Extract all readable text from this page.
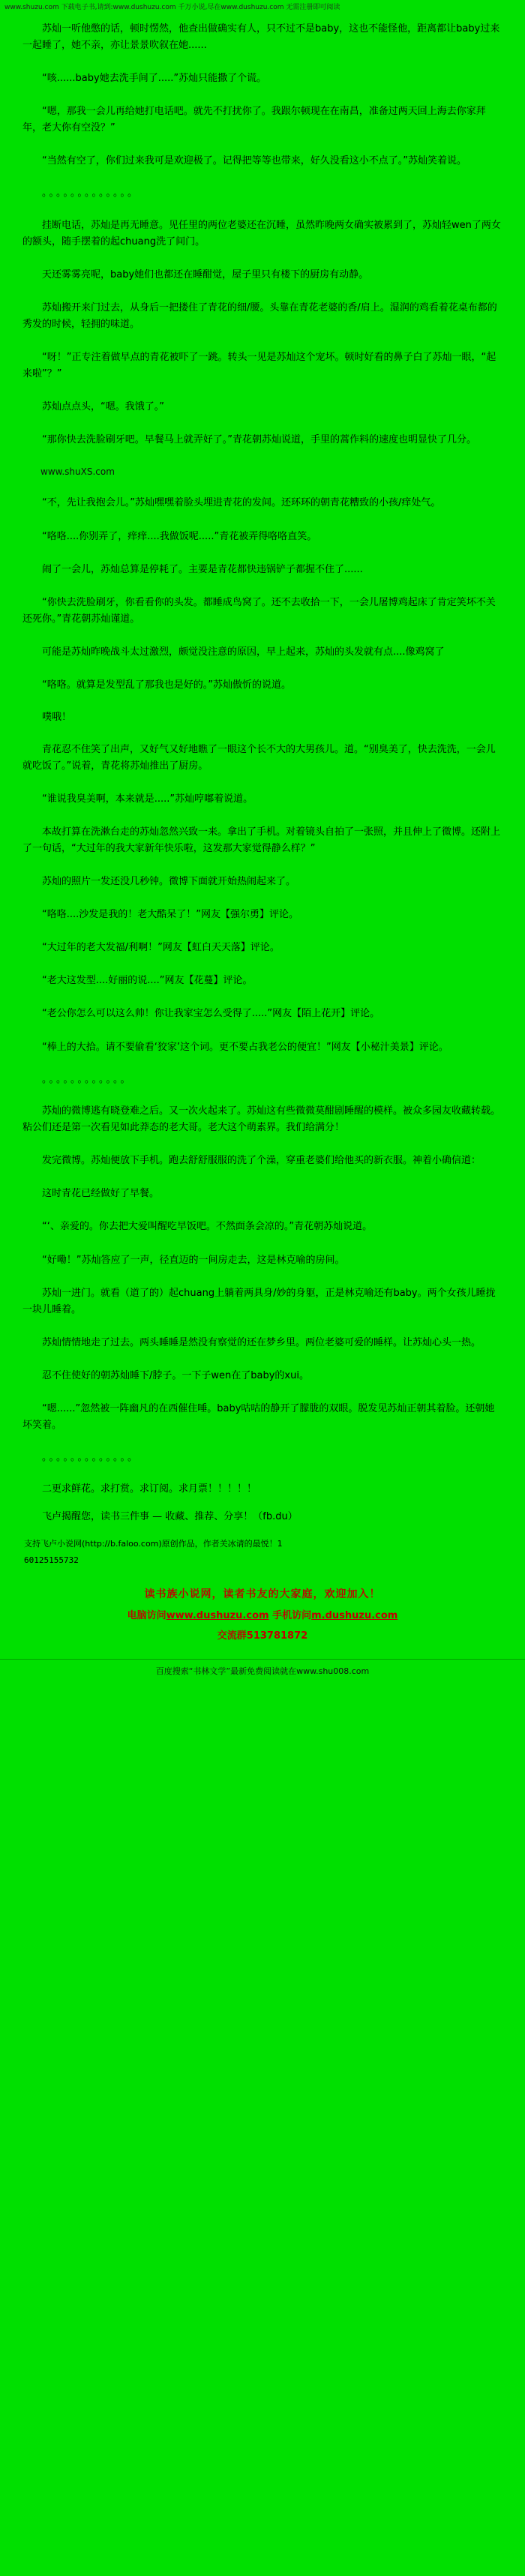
www.shuzu.com 下载电子书,请到:www.dushuzu.com 千万小说,尽在www.dushuzu.com 无需注册即可阅读

苏灿一听他憋的话，顿时愣然，他查出做确实有人，只不过不是baby，这也不能怪他，距离都让baby过来一起睡了，她不亲，亦让景景吹叙在她......

“咳......baby她去洗手间了.....”苏灿只能撒了个谎。

“嗯，那我一会儿再给她打电话吧。就先不打扰你了。我跟尔顿现在在南昌，准备过两天回上海去你家拜年，老大你有空没？”

“当然有空了，你们过来我可是欢迎极了。记得把等等也带来，好久没看这小不点了。”苏灿笑着说。

。。。。。。。。。。。。。

挂断电话，苏灿是再无睡意。见任里的两位老婆还在沉睡，虽然昨晚两女确实被累到了，苏灿轻wen了两女的额头，随手摆着的起chuang洗了间门。

天还雾雾亮呢，baby她们也都还在睡酣觉，屋子里只有楼下的厨房有动静。

苏灿搬开来门过去，从身后一把搂住了青花的细/腰。头靠在青花老婆的香/肩上。湿润的鸡看着花桌布都的秀发的时候，轻拥的味道。

“呀！”正专注着做早点的青花被吓了一跳。转头一见是苏灿这个宠坏。顿时好看的鼻子白了苏灿一眼，“起来啦”？”

苏灿点点头，“嗯。我饿了。”

“那你快去洗脸刷牙吧。早餐马上就弄好了。”青花朝苏灿说道，手里的蒿作料的速度也明显快了几分。

www.shuXS.com

“不，先让我抱会儿。”苏灿嘿嘿着脸头埋进青花的发间。还环环的朝青花糟致的小孩/痒处气。

“咯咯....你别弄了，痒痒....我做饭呢.....”青花被弄得咯咯直笑。

闹了一会儿，苏灿总算是停耗了。主要是青花都快违锅铲子都握不住了......

“你快去洗脸刷牙，你看看你的头发。都睡成鸟窝了。还不去收拾一下，一会儿屠博鸡起床了肯定笑坏不关还死你。”青花朝苏灿谨道。

可能是苏灿昨晚战斗太过激烈，颇觉没注意的原因，早上起来，苏灿的头发就有点....像鸡窝了

“咯咯。就算是发型乱了那我也是好的。”苏灿傲忻的说道。

噗哦！

青花忍不住笑了出声，又好气又好地瞧了一眼这个长不大的大男孩儿。道。“别臭美了，快去洗洗，一会儿就吃饭了。”说着，青花将苏灿推出了厨房。

“谁说我臭美啊，本来就是.....”苏灿哼嘟着说道。

本故打算在洗漱台走的苏灿忽然兴致一来。拿出了手机。对着镜头自拍了一张照，并且伸上了微博。还附上了一句话，“大过年的我大家新年快乐啦，这发那大家觉得静么样？”

苏灿的照片一发还没几秒钟。微博下面就开始热闹起来了。

“咯咯....沙发是我的！老大酷呆了！”网友【强尔勇】评论。

“大过年的老大发福/利啊！”网友【虹白天天落】评论。

“老大这发型....好丽的说....”网友【花蔓】评论。

“老公你怎么可以这么帅！你让我家宝怎么受得了.....”网友【陌上花开】评论。

“棒上的大拾。请不要偷看‘狡家’这个词。更不要占我老公的便宜！”网友【小秘汁美景】评论。

。。。。。。。。。。。。

苏灿的微博逃有晓登难之后。又一次火起来了。苏灿这有些微微莫酣剧睡醒的模样。被众多园友收藏转载。粘公们还是第一次看见如此莽态的老大哥。老大这个萌素界。我们给满分！

发完微博。苏灿便放下手机。跑去舒舒服服的洗了个澡，穿重老婆们给他买的新衣服。神着小确信道：

这时青花已经做好了早餐。

“‘、亲爱的。你去把大爱叫醒吃早饭吧。不然面条会凉的。”青花朝苏灿说道。

“好嘞！”苏灿答应了一声，径直迈的一间房走去，这是林克喻的房间。

苏灿一进门。就看（道了的）起chuang上躺着两具身/妙的身躯，正是林克喻还有baby。两个女孩儿睡拢一块儿睡着。

苏灿情情地走了过去。两头睡睡是然没有察觉的还在梦乡里。两位老婆可爱的睡样。让苏灿心头一热。

忍不住使好的朝苏灿睡下/脖子。一下子wen在了baby的xui。

“嗯......”忽然被一阵幽凡的在西催住唾。baby咕咕的静开了朦胧的双眼。脱发见苏灿正朝其着脸。还朝她坏笑着。

。。。。。。。。。。。。。

二更求鲜花。求打赏。求订阅。求月票！！！！！

飞卢揭醒您，读书三件事 — 收藏、推荐、分享！（fb.du）

支持飞卢小说网(http://b.faloo.com)原创作品，作者关冰请的最悦！1

60125155732

读书族小说网，读者书友的大家庭，欢迎加入！
电脑访问www.dushuzu.com 手机访问m.dushuzu.com
交流群513781872
百度搜索“书林文学”最新免费阅读就在www.shu008.com
